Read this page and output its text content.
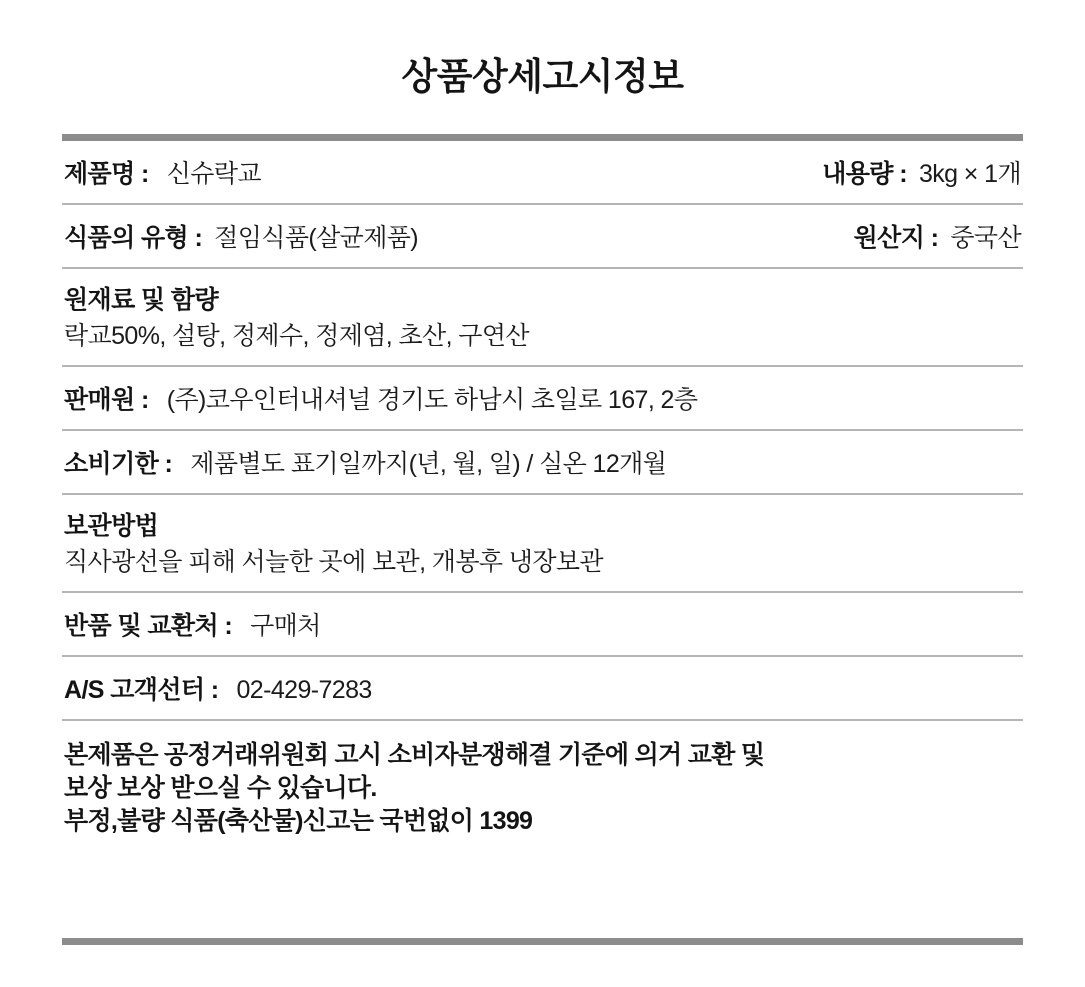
상품상세고시정보
제품명 : 신슈락교	내용량 : 3kg × 1개
식품의 유형 : 절임식품(살균제품)	원산지 : 중국산
원재료 및 함량
락교50%, 설탕, 정제수, 정제염, 초산, 구연산
판매원 : (주)코우인터내셔널 경기도 하남시 초일로 167, 2층
소비기한 : 제품별도 표기일까지(년, 월, 일) / 실온 12개월
보관방법
직사광선을 피해 서늘한 곳에 보관, 개봉후 냉장보관
반품 및 교환처 : 구매처
A/S 고객선터 : 02-429-7283

본제품은 공정거래위원회 고시 소비자분쟁해결 기준에 의거 교환 및

보상 보상 받으실 수 있습니다.

부정,불량 식품(축산물)신고는 국번없이 1399
